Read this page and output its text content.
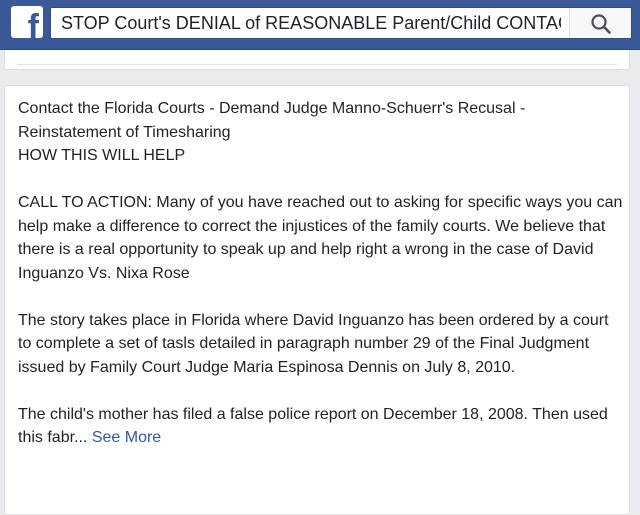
f
STOP Court's DENIAL of REASONABLE Parent/Child CONTACT
Contact the Florida Courts - Demand Judge Manno-Schuerr's Recusal - Reinstatement of Timesharing

HOW THIS WILL HELP

CALL TO ACTION: Many of you have reached out to asking for specific ways you can help make a difference to correct the injustices of the family courts. We believe that there is a real opportunity to speak up and help right a wrong in the case of David Inguanzo Vs. Nixa Rose

The story takes place in Florida where David Inguanzo has been ordered by a court to complete a set of tasls detailed in paragraph number 29 of the Final Judgment issued by Family Court Judge Maria Espinosa Dennis on July 8, 2010.

The child's mother has filed a false police report on December 18, 2008. Then used this fabr... See More
